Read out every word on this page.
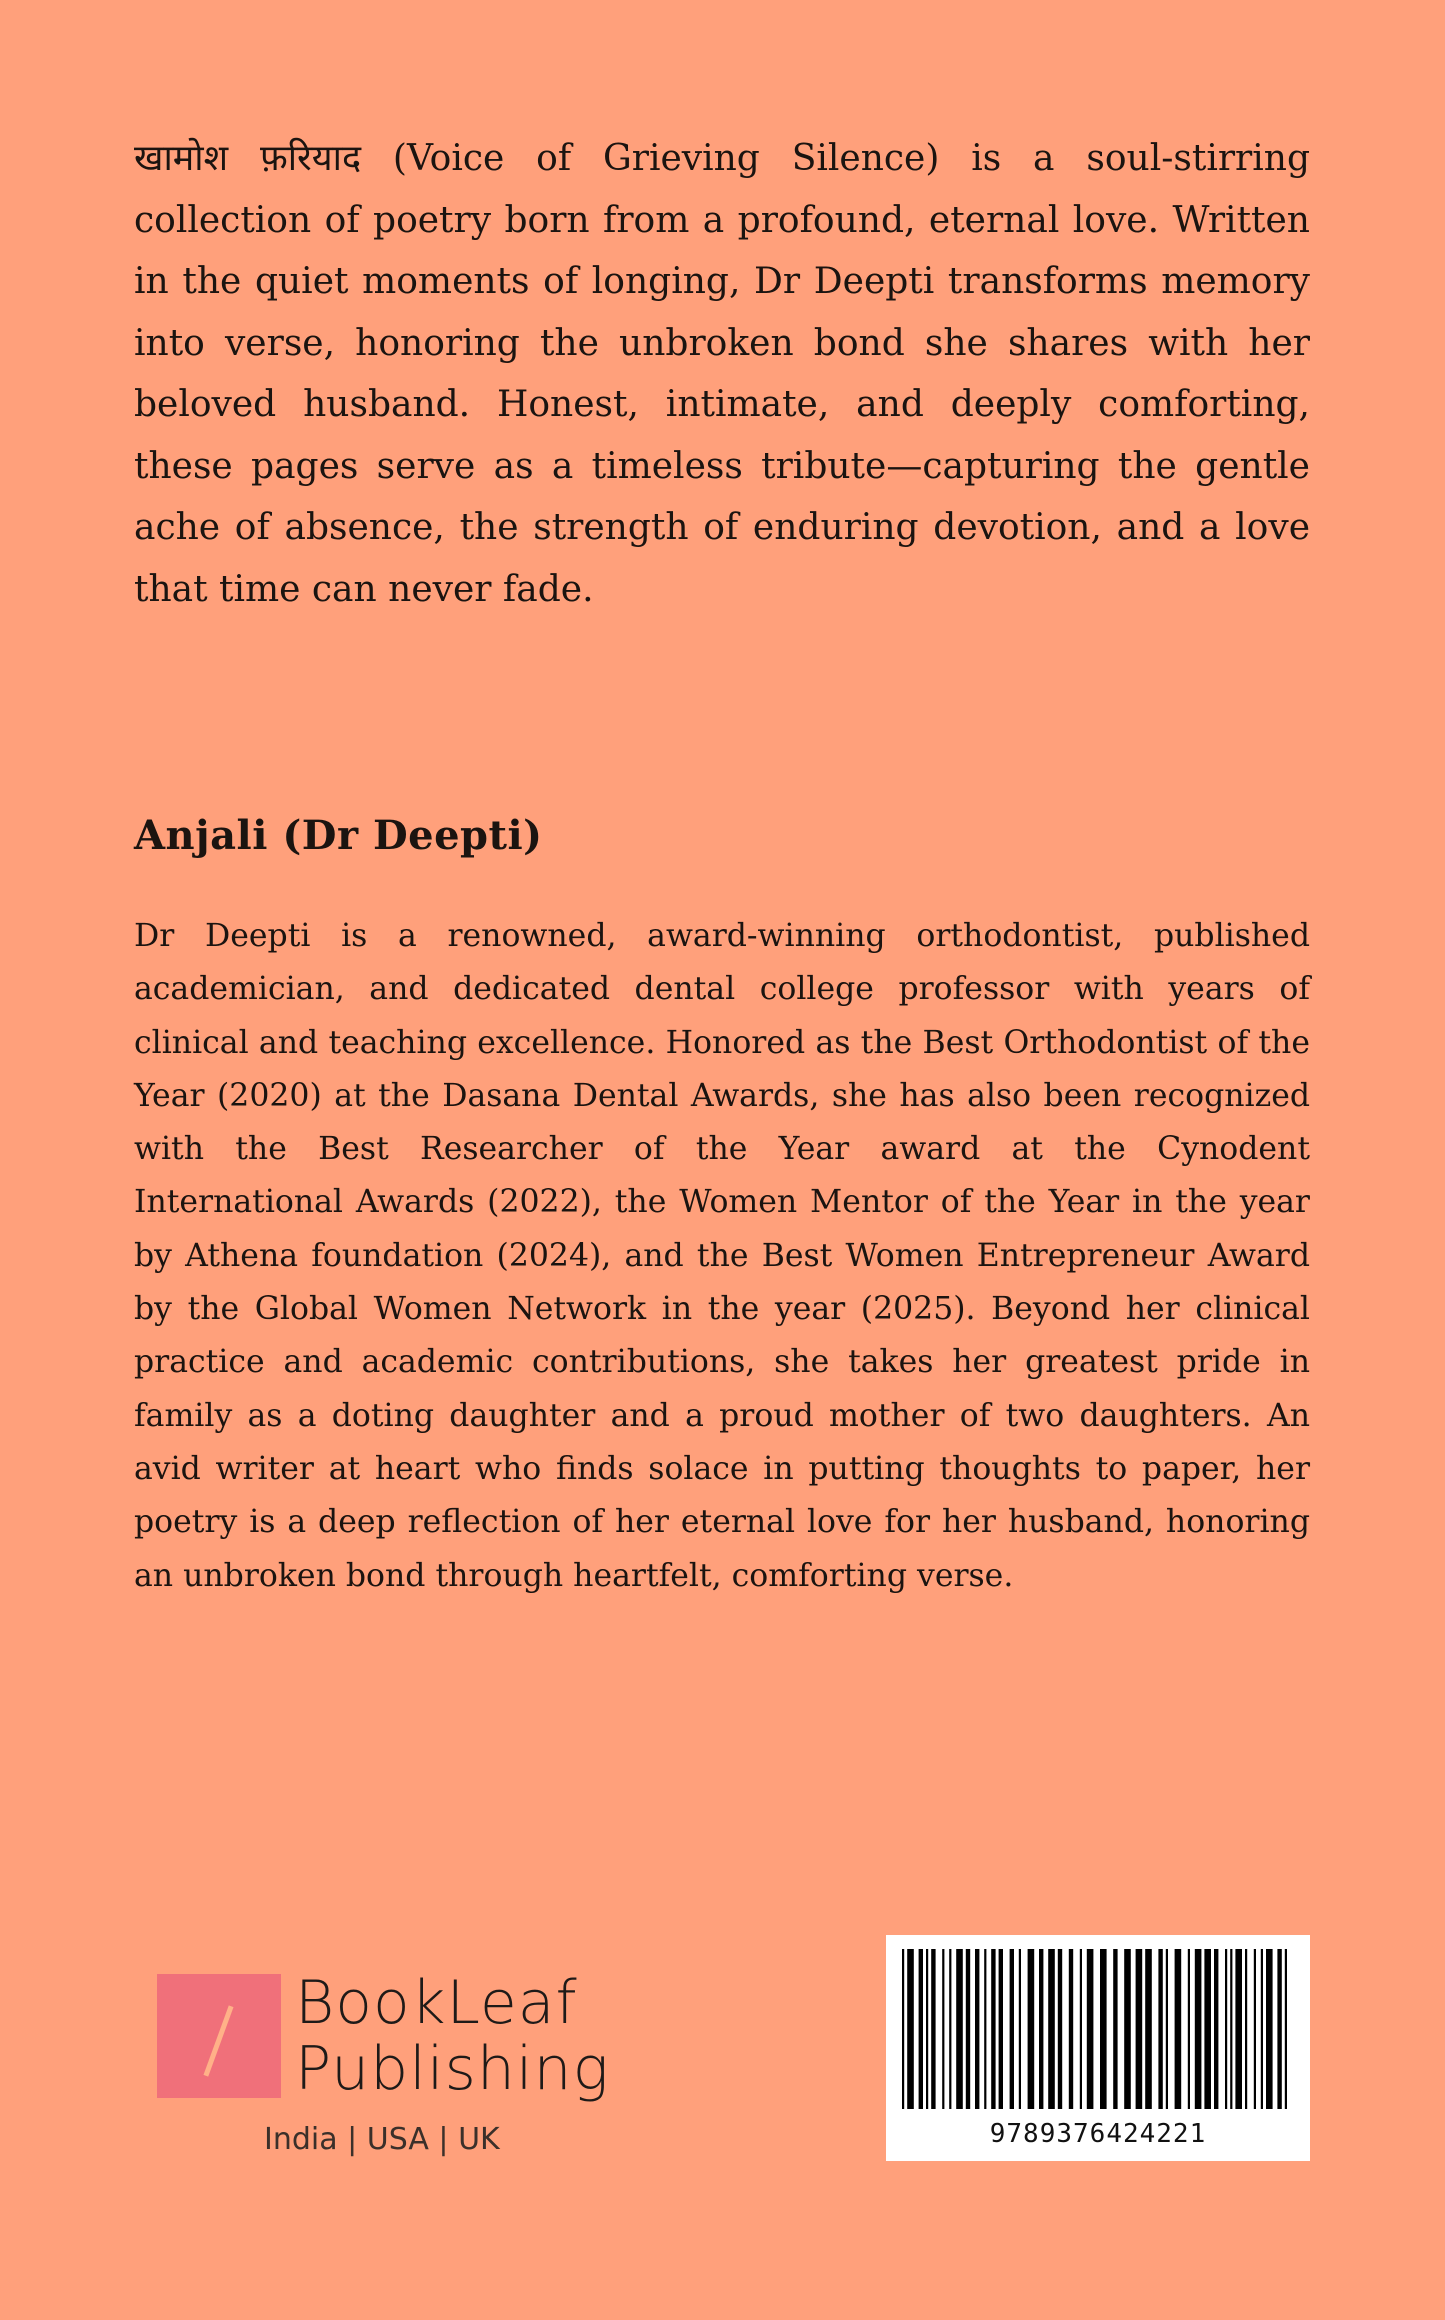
खामोश फ़रियाद (Voice of Grieving Silence) is a soul-stirring collection of poetry born from a profound, eternal love. Written in the quiet moments of longing, Dr Deepti transforms memory into verse, honoring the unbroken bond she shares with her beloved husband. Honest, intimate, and deeply comforting, these pages serve as a timeless tribute—capturing the gentle ache of absence, the strength of enduring devotion, and a love that time can never fade.

Anjali (Dr Deepti)

Dr Deepti is a renowned, award-winning orthodontist, published academician, and dedicated dental college professor with years of clinical and teaching excellence. Honored as the Best Orthodontist of the Year (2020) at the Dasana Dental Awards, she has also been recognized with the Best Researcher of the Year award at the Cynodent International Awards (2022), the Women Mentor of the Year in the year by Athena foundation (2024), and the Best Women Entrepreneur Award by the Global Women Network in the year (2025). Beyond her clinical practice and academic contributions, she takes her greatest pride in family as a doting daughter and a proud mother of two daughters. An avid writer at heart who finds solace in putting thoughts to paper, her poetry is a deep reflection of her eternal love for her husband, honoring an unbroken bond through heartfelt, comforting verse.

BookLeaf
Publishing
India | USA | UK	9789376424221
